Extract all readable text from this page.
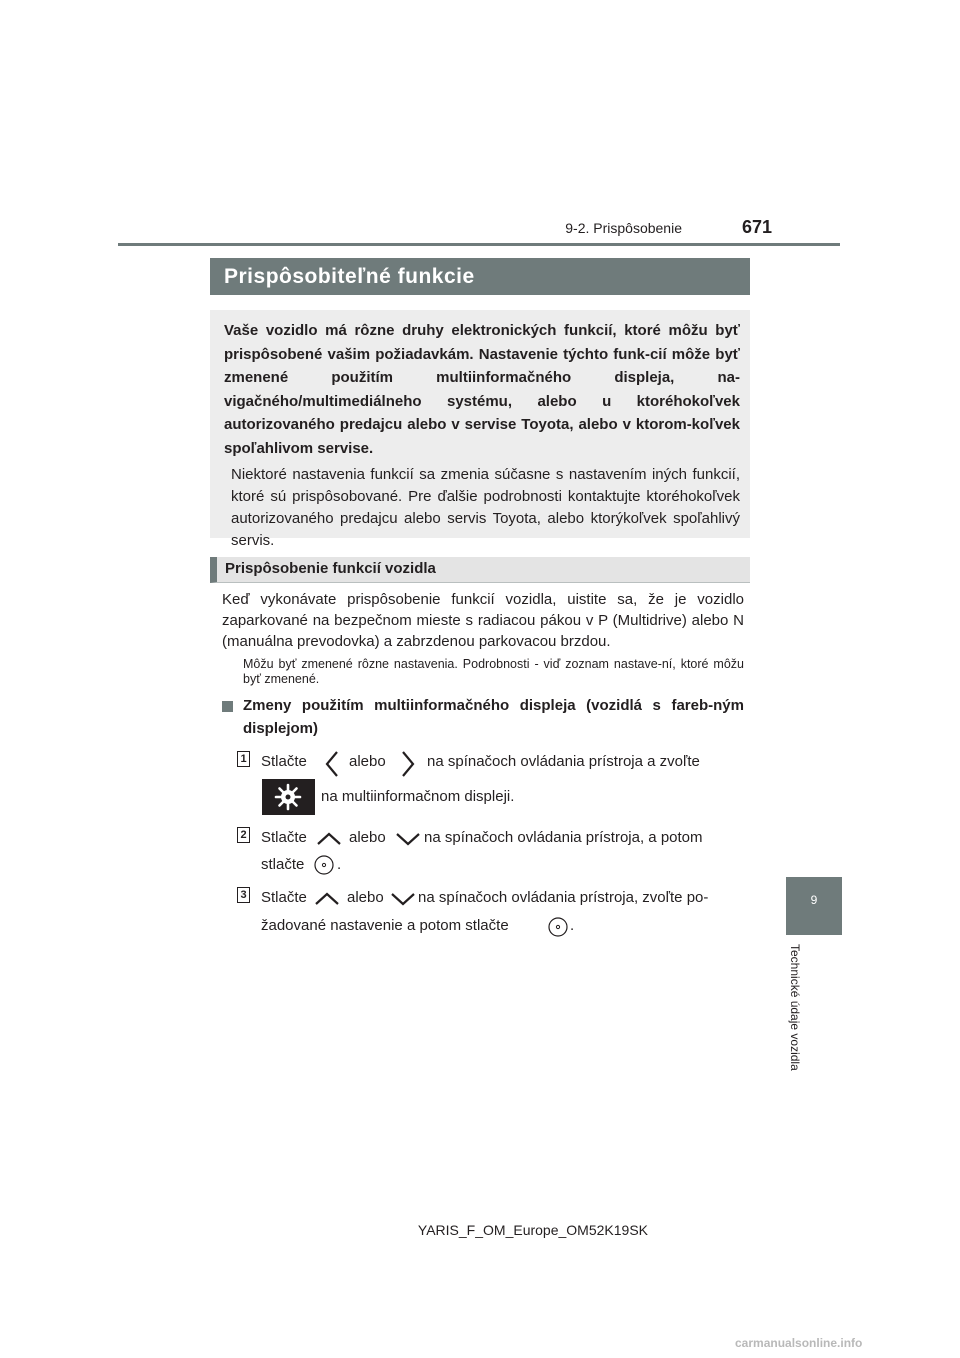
9-2. Prispôsobenie	671
9
Technické údaje vozidla
Prispôsobiteľné funkcie

Vaše vozidlo má rôzne druhy elektronických funkcií, ktoré môžu byť prispôsobené vašim požiadavkám. Nastavenie týchto funk-cií môže byť zmenené použitím multiinformačného displeja, na-vigačného/multimediálneho systému, alebo u ktoréhokoľvek autorizovaného predajcu alebo v servise Toyota, alebo v ktorom-koľvek spoľahlivom servise.

Niektoré nastavenia funkcií sa zmenia súčasne s nastavením iných funkcií, ktoré sú prispôsobované. Pre ďalšie podrobnosti kontaktujte ktoréhokoľvek autorizovaného predajcu alebo servis Toyota, alebo ktorýkoľvek spoľahlivý servis.

Prispôsobenie funkcií vozidla

Keď vykonávate prispôsobenie funkcií vozidla, uistite sa, že je vozidlo zaparkované na bezpečnom mieste s radiacou pákou v P (Multidrive) alebo N (manuálna prevodovka) a zabrzdenou parkovacou brzdou.

Môžu byť zmenené rôzne nastavenia. Podrobnosti - viď zoznam nastave-ní, ktoré môžu byť zmenené.

Zmeny použitím multiinformačného displeja (vozidlá s fareb-ným displejom)

1 Stlačte	alebo	na spínačoch ovládania prístroja a zvoľte
na multiinformačnom displeji.
2 Stlačte	alebo	na spínačoch ovládania prístroja, a potom
stlačte .
3 Stlačte	alebo na spínačoch ovládania prístroja, zvoľte po-
žadované nastavenie a potom stlačte	.
YARIS_F_OM_Europe_OM52K19SK
carmanualsonline.info
